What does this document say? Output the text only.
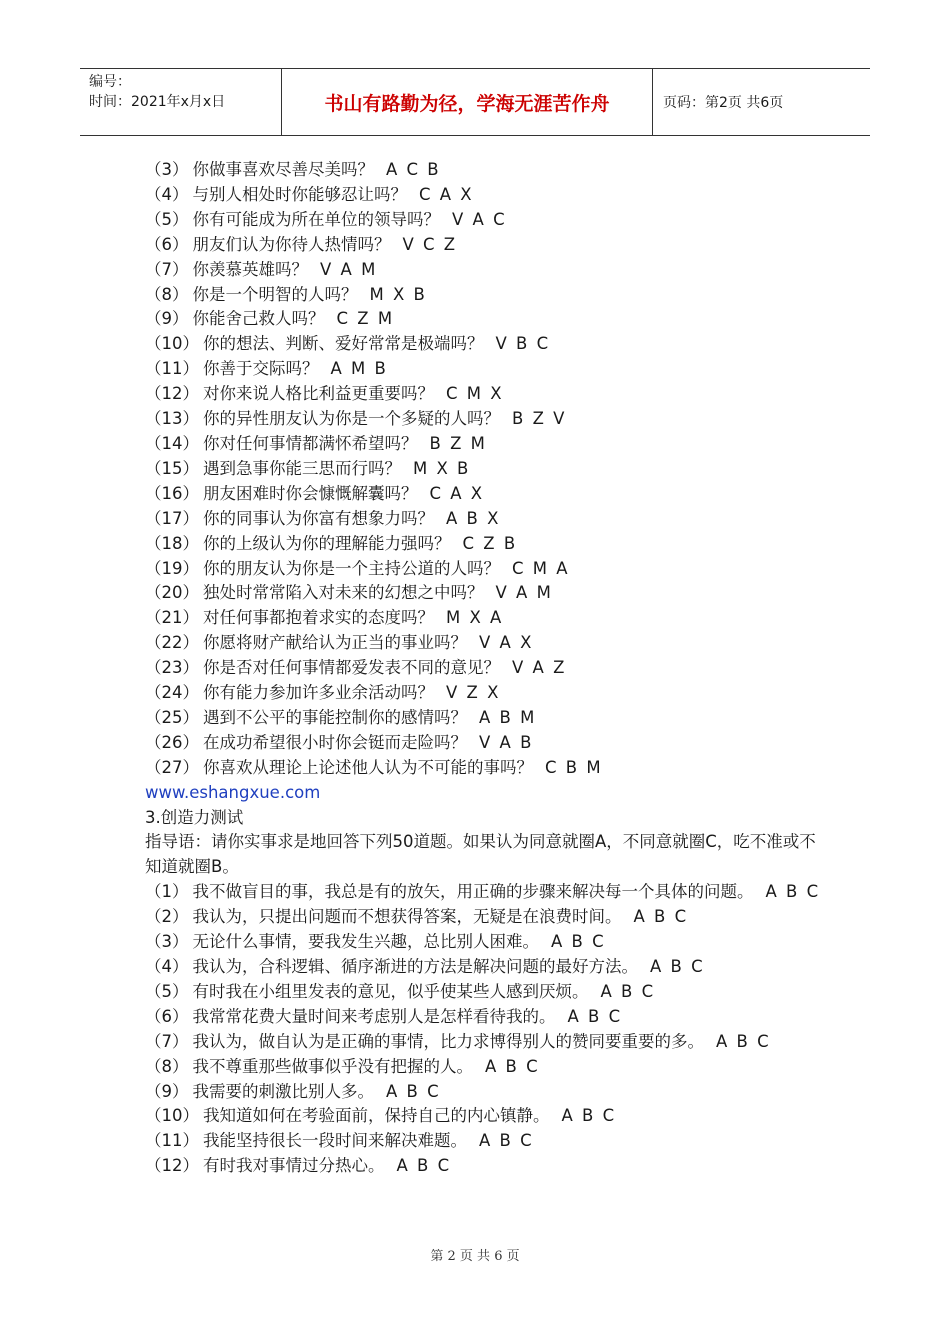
编号：
时间：2021年x月x日	书山有路勤为径，学海无涯苦作舟	页码：第2页 共6页
（3） 你做事喜欢尽善尽美吗？ A C B
（4） 与别人相处时你能够忍让吗？ C A X
（5） 你有可能成为所在单位的领导吗？ V A C
（6） 朋友们认为你待人热情吗？ V C Z
（7） 你羡慕英雄吗？ V A M
（8） 你是一个明智的人吗？ M X B
（9） 你能舍己救人吗？ C Z M
（10） 你的想法、判断、爱好常常是极端吗？ V B C
（11） 你善于交际吗？ A M B
（12） 对你来说人格比利益更重要吗？ C M X
（13） 你的异性朋友认为你是一个多疑的人吗？ B Z V
（14） 你对任何事情都满怀希望吗？ B Z M
（15） 遇到急事你能三思而行吗？ M X B
（16） 朋友困难时你会慷慨解囊吗？ C A X
（17） 你的同事认为你富有想象力吗？ A B X
（18） 你的上级认为你的理解能力强吗？ C Z B
（19） 你的朋友认为你是一个主持公道的人吗？ C M A
（20） 独处时常常陷入对未来的幻想之中吗？ V A M
（21） 对任何事都抱着求实的态度吗？ M X A
（22） 你愿将财产献给认为正当的事业吗？ V A X
（23） 你是否对任何事情都爱发表不同的意见？ V A Z
（24） 你有能力参加许多业余活动吗？ V Z X
（25） 遇到不公平的事能控制你的感情吗？ A B M
（26） 在成功希望很小时你会铤而走险吗？ V A B
（27） 你喜欢从理论上论述他人认为不可能的事吗？ C B M
www.eshangxue.com
3.创造力测试
指导语：请你实事求是地回答下列50道题。如果认为同意就圈A，不同意就圈C，吃不准或不知道就圈B。
（1） 我不做盲目的事，我总是有的放矢，用正确的步骤来解决每一个具体的问题。 A B C
（2） 我认为，只提出问题而不想获得答案，无疑是在浪费时间。 A B C
（3） 无论什么事情，要我发生兴趣，总比别人困难。 A B C
（4） 我认为，合科逻辑、循序渐进的方法是解决问题的最好方法。 A B C
（5） 有时我在小组里发表的意见，似乎使某些人感到厌烦。 A B C
（6） 我常常花费大量时间来考虑别人是怎样看待我的。 A B C
（7） 我认为，做自认为是正确的事情，比力求博得别人的赞同要重要的多。 A B C
（8） 我不尊重那些做事似乎没有把握的人。 A B C
（9） 我需要的刺激比别人多。 A B C
（10） 我知道如何在考验面前，保持自己的内心镇静。 A B C
（11） 我能坚持很长一段时间来解决难题。 A B C
（12） 有时我对事情过分热心。 A B C
第 2 页 共 6 页
